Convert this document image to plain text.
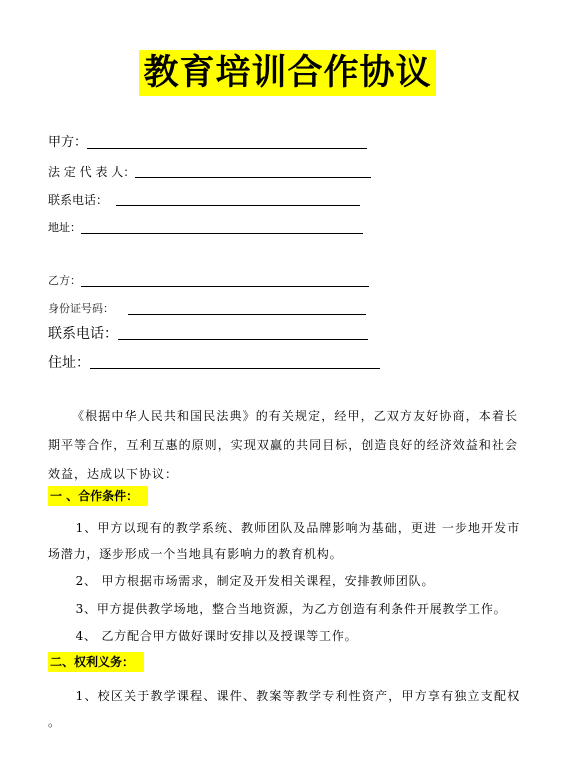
教育培训合作协议
甲方：
法 定 代 表 人：
联系电话：
地址：
乙方：
身份证号码：
联系电话：
住址：

《根据中华人民共和国民法典》的有关规定，经甲，乙双方友好协商，本着长期平等合作，互利互惠的原则，实现双赢的共同目标，创造良好的经济效益和社会效益，达成以下协议：

一 、合作条件：

1、甲方以现有的教学系统、教师团队及品牌影响为基础，更进 一步地开发市场潜力，逐步形成一个当地具有影响力的教育机构。

2、 甲方根据市场需求，制定及开发相关课程，安排教师团队。

3、甲方提供教学场地，整合当地资源，为乙方创造有利条件开展教学工作。

4、 乙方配合甲方做好课时安排以及授课等工作。

二、权利义务：

1、校区关于教学课程、课件、教案等教学专利性资产，甲方享有独立支配权 。
